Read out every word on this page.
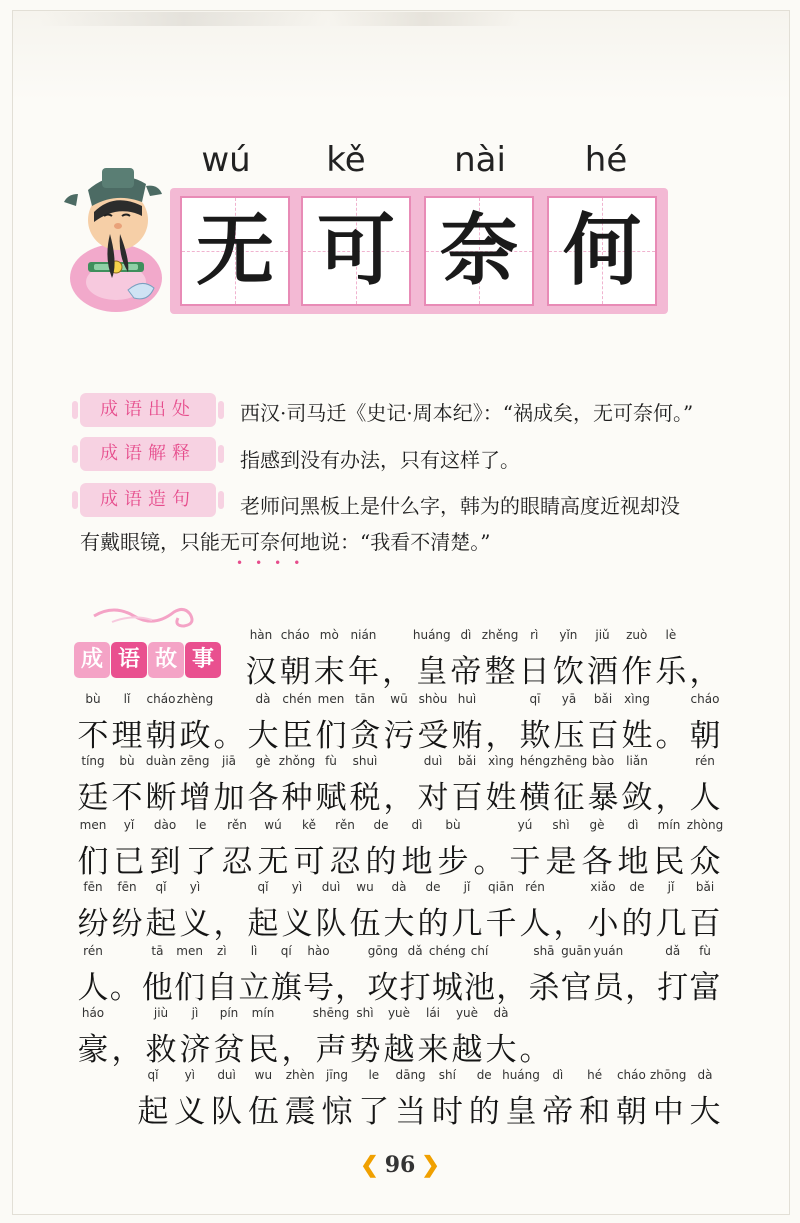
wú	kě	nài	hé
无 可 奈 何
成语出处	西汉·司马迁《史记·周本纪》：“祸成矣，无可奈何。”
成语解释	指感到没有办法，只有这样了。
成语造句	老师问黑板上是什么字，韩为的眼睛高度近视却没
有戴眼镜，只能无可奈何地说：“我看不清楚。”
••••
成 语 故 事
hàn
汉
cháo
朝
mò
末
nián
年 ，
huáng
皇
dì
帝
zhěng
整
rì
日
yǐn
饮
jiǔ
酒
zuò
作
lè
乐 ，
bù
不
lǐ
理
cháo
朝
zhèng
政 。
dà
大
chén
臣
men
们
tān
贪
wū
污
shòu
受
huì
贿 ，
qī
欺
yā
压
bǎi
百
xìng
姓 。
cháo
朝
tíng
廷
bù
不
duàn
断
zēng
增
jiā
加
gè
各
zhǒng
种
fù
赋
shuì
税 ，
duì
对
bǎi
百
xìng
姓
héng
横
zhēng
征
bào
暴
liǎn
敛 ，
rén
人
men
们
yǐ
已
dào
到
le
了
rěn
忍
wú
无
kě
可
rěn
忍
de
的
dì
地
bù
步 。
yú
于
shì
是
gè
各
dì
地
mín
民
zhòng
众
fēn
纷
fēn
纷
qǐ
起
yì
义 ，
qǐ
起
yì
义
duì
队
wu
伍
dà
大
de
的
jǐ
几
qiān
千
rén
人 ，
xiǎo
小
de
的
jǐ
几
bǎi
百
rén
人 。
tā
他
men
们
zì
自
lì
立
qí
旗
hào
号 ，
gōng
攻
dǎ
打
chéng
城
chí
池 ，
shā
杀
guān
官
yuán
员 ，
dǎ
打
fù
富
háo
豪 ，
jiù
救
jì
济
pín
贫
mín
民 ，
shēng
声
shì
势
yuè
越
lái
来
yuè
越
dà
大 。
qǐ
起
yì
义
duì
队
wu
伍
zhèn
震
jīng
惊
le
了
dāng
当
shí
时
de
的
huáng
皇
dì
帝
hé
和
cháo
朝
zhōng
中
dà
大
❮ 96 ❯
